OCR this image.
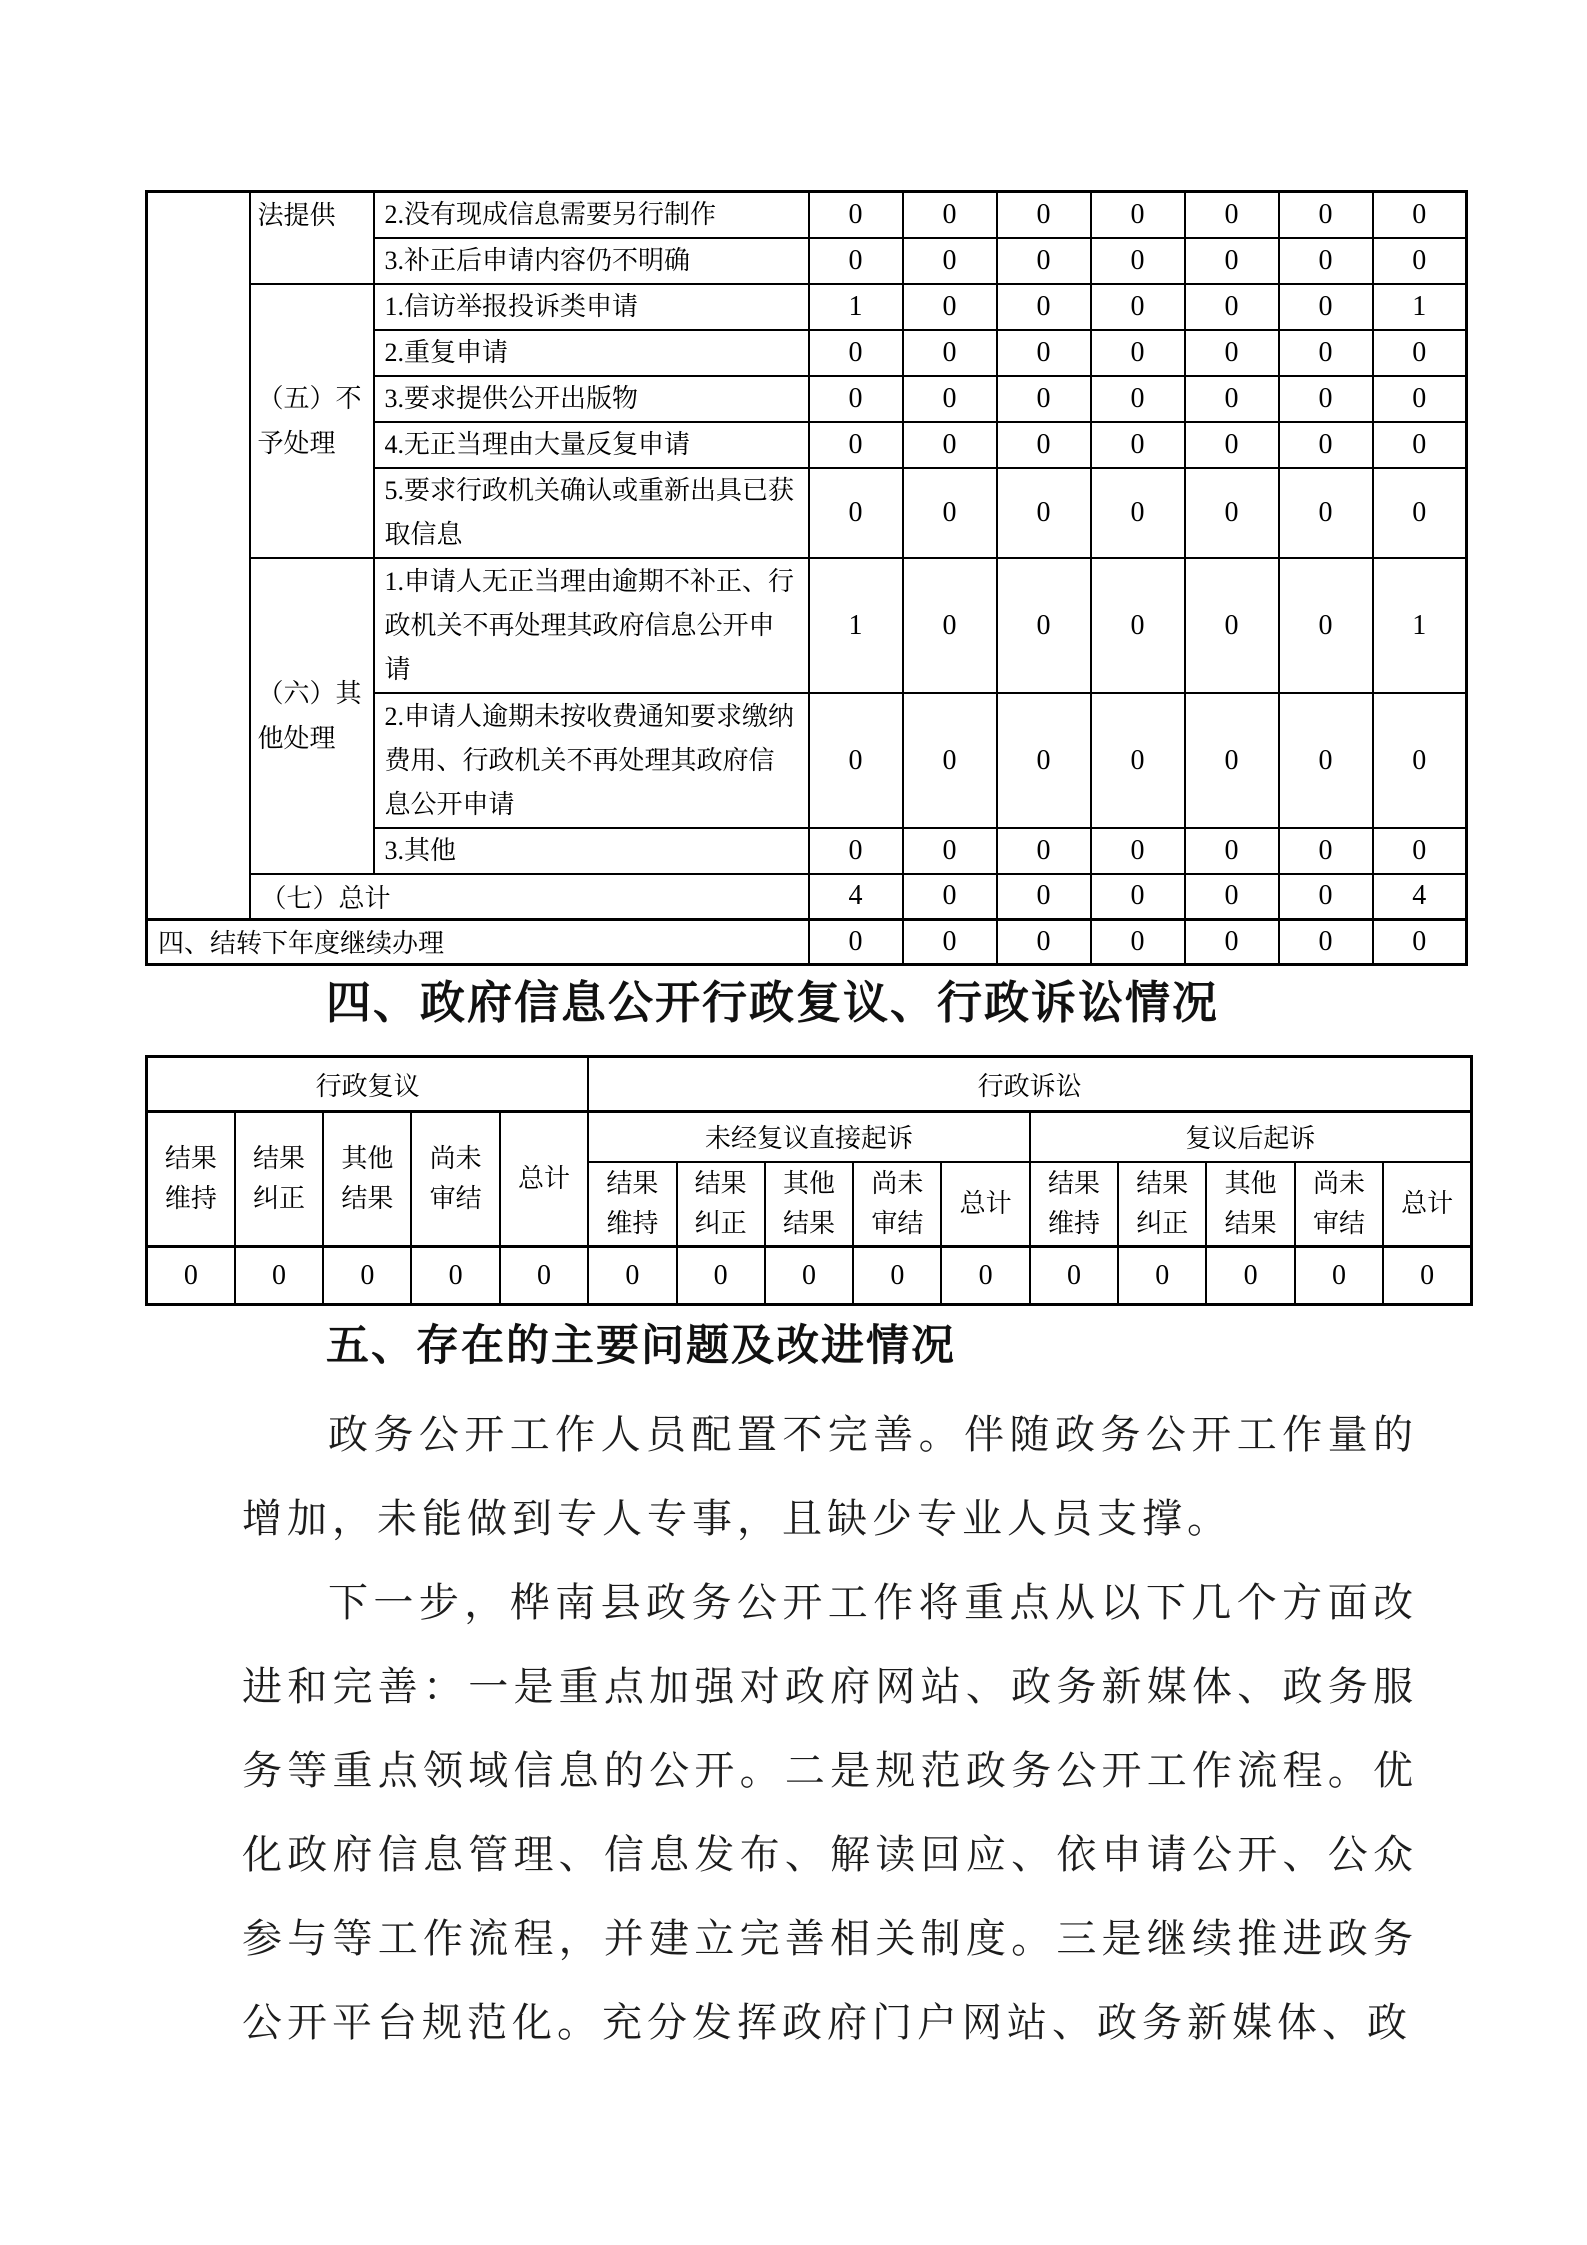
	法提供	2.没有现成信息需要另行制作	0	0	0	0	0	0	0
		3.补正后申请内容仍不明确	0	0	0	0	0	0	0
	（五）不予处理	1.信访举报投诉类申请	1	0	0	0	0	0	1
		2.重复申请	0	0	0	0	0	0	0
		3.要求提供公开出版物	0	0	0	0	0	0	0
		4.无正当理由大量反复申请	0	0	0	0	0	0	0
		5.要求行政机关确认或重新出具已获取信息	0	0	0	0	0	0	0
	（六）其他处理	1.申请人无正当理由逾期不补正、行政机关不再处理其政府信息公开申请	1	0	0	0	0	0	1
		2.申请人逾期未按收费通知要求缴纳费用、行政机关不再处理其政府信息公开申请	0	0	0	0	0	0	0
		3.其他	0	0	0	0	0	0	0
	（七）总计		4	0	0	0	0	0	4
四、结转下年度继续办理			0	0	0	0	0	0	0
四、政府信息公开行政复议、行政诉讼情况
行政复议					行政诉讼									
结果维持	结果纠正	其他结果	尚未审结	总计	未经复议直接起诉					复议后起诉				
					结果维持	结果纠正	其他结果	尚未审结	总计	结果维持	结果纠正	其他结果	尚未审结	总计
0	0	0	0	0	0	0	0	0	0	0	0	0	0	0
五、存在的主要问题及改进情况

政务公开工作人员配置不完善。伴随政务公开工作量的增加，未能做到专人专事，且缺少专业人员支撑。

下一步，桦南县政务公开工作将重点从以下几个方面改进和完善：一是重点加强对政府网站、政务新媒体、政务服务等重点领域信息的公开。二是规范政务公开工作流程。优化政府信息管理、信息发布、解读回应、依申请公开、公众参与等工作流程，并建立完善相关制度。三是继续推进政务公开平台规范化。充分发挥政府门户网站、政务新媒体、政
